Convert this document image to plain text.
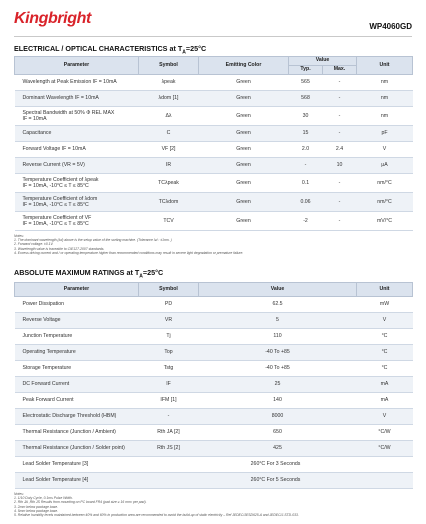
Kingbright	WP4060GD
ELECTRICAL / OPTICAL CHARACTERISTICS at $T_A=25^\circ C$
Parameter	Symbol	Emitting Color	Value		Unit
			Typ.	Max.	
Wavelength at Peak Emission IF = 10mA	λpeak	Green	565	-	nm
Dominant Wavelength IF = 10mA	λdom [1]	Green	568	-	nm
Spectral Bandwidth at 50% Φ REL MAX
IF = 10mA	Δλ	Green	30	-	nm
Capacitance	C	Green	15	-	pF
Forward Voltage IF = 10mA	VF [2]	Green	2.0	2.4	V
Reverse Current (VR = 5V)	IR	Green	-	10	μA
Temperature Coefficient of λpeak
IF = 10mA, -10°C ≤ T ≤ 85°C	TCλpeak	Green	0.1	-	nm/°C
Temperature Coefficient of λdom
IF = 10mA, -10°C ≤ T ≤ 85°C	TCλdom	Green	0.06	-	nm/°C
Temperature Coefficient of VF
IF = 10mA, -10°C ≤ T ≤ 85°C	TCV	Green	-2	-	mV/°C
Notes:
1. The dominant wavelength (λd) above is the setup value of the sorting machine. (Tolerance λd : ±1nm. )
2. Forward voltage: ±0.1V.
3. Wavelength value is traceable to CIE127-2007 standards.
4. Excess driving current and / or operating temperature higher than recommended conditions may result in severe light degradation or premature failure.
ABSOLUTE MAXIMUM RATINGS at $T_A=25^\circ C$
Parameter	Symbol	Value	Unit
Power Dissipation	PD	62.5	mW
Reverse Voltage	VR	5	V
Junction Temperature	Tj	110	°C
Operating Temperature	Top	-40 To +85	°C
Storage Temperature	Tstg	-40 To +85	°C
DC Forward Current	IF	25	mA
Peak Forward Current	IFM [1]	140	mA
Electrostatic Discharge Threshold (HBM)	-	8000	V
Thermal Resistance (Junction / Ambient)	Rth JA [2]	650	°C/W
Thermal Resistance (Junction / Solder point)	Rth JS [2]	425	°C/W
Lead Solder Temperature [3]	260°C For 3 Seconds		
Lead Solder Temperature [4]	260°C For 5 Seconds		
Notes:
1. 1/10 Duty Cycle, 0.1ms Pulse Width.
2. Rth JA ,Rth JS Results from mounting on PC board FR4 (pad size ≥ 16 mm² per pad).
3. 2mm below package base.
4. 5mm below package base.
5. Relative humidity levels maintained between 40% and 60% in production area are recommended to avoid the build-up of static electricity – Ref JEDEC/JESD625-A and JEDEC/J-STD-033.
